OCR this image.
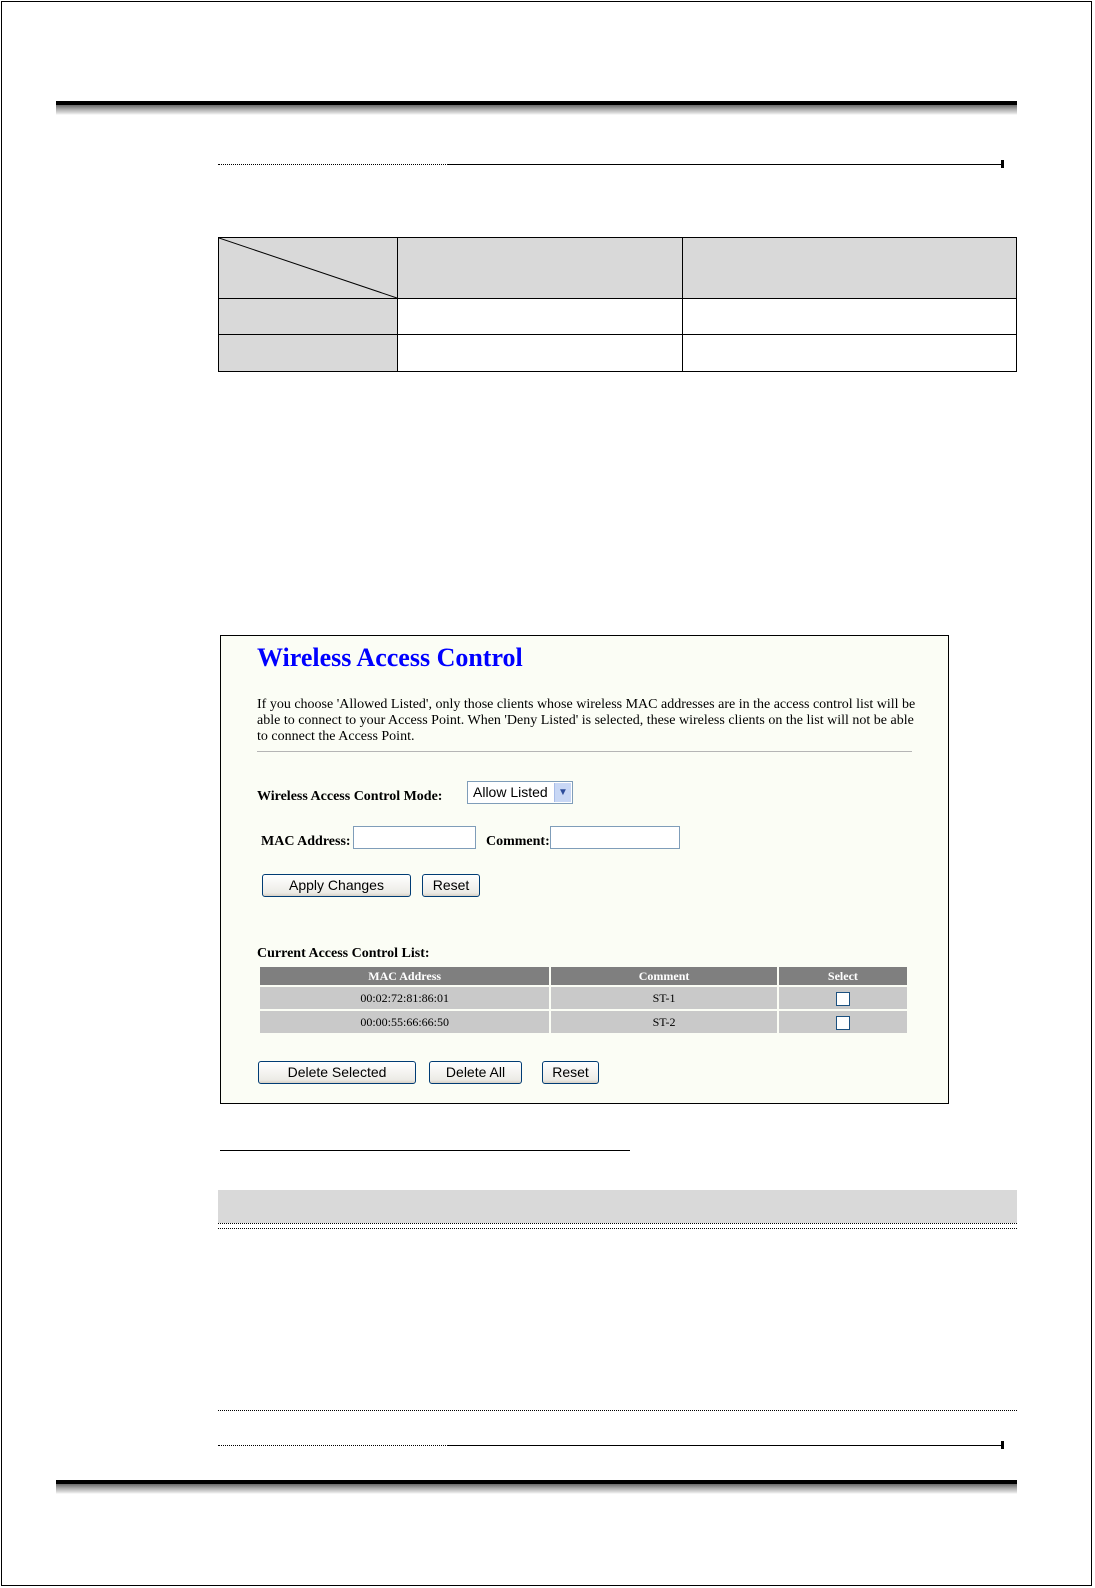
Wireless Access Control
If you choose 'Allowed Listed', only those clients whose wireless MAC addresses are in the access control list will be able to connect to your Access Point. When 'Deny Listed' is selected, these wireless clients on the list will not be able to connect the Access Point.
Wireless Access Control Mode: Allow Listed	▼
MAC Address:	Comment:
Apply Changes	Reset
Current Access Control List:
MAC Address	Comment	Select
00:02:72:81:86:01	ST-1	
00:00:55:66:66:50	ST-2	
Delete Selected	Delete All	Reset
